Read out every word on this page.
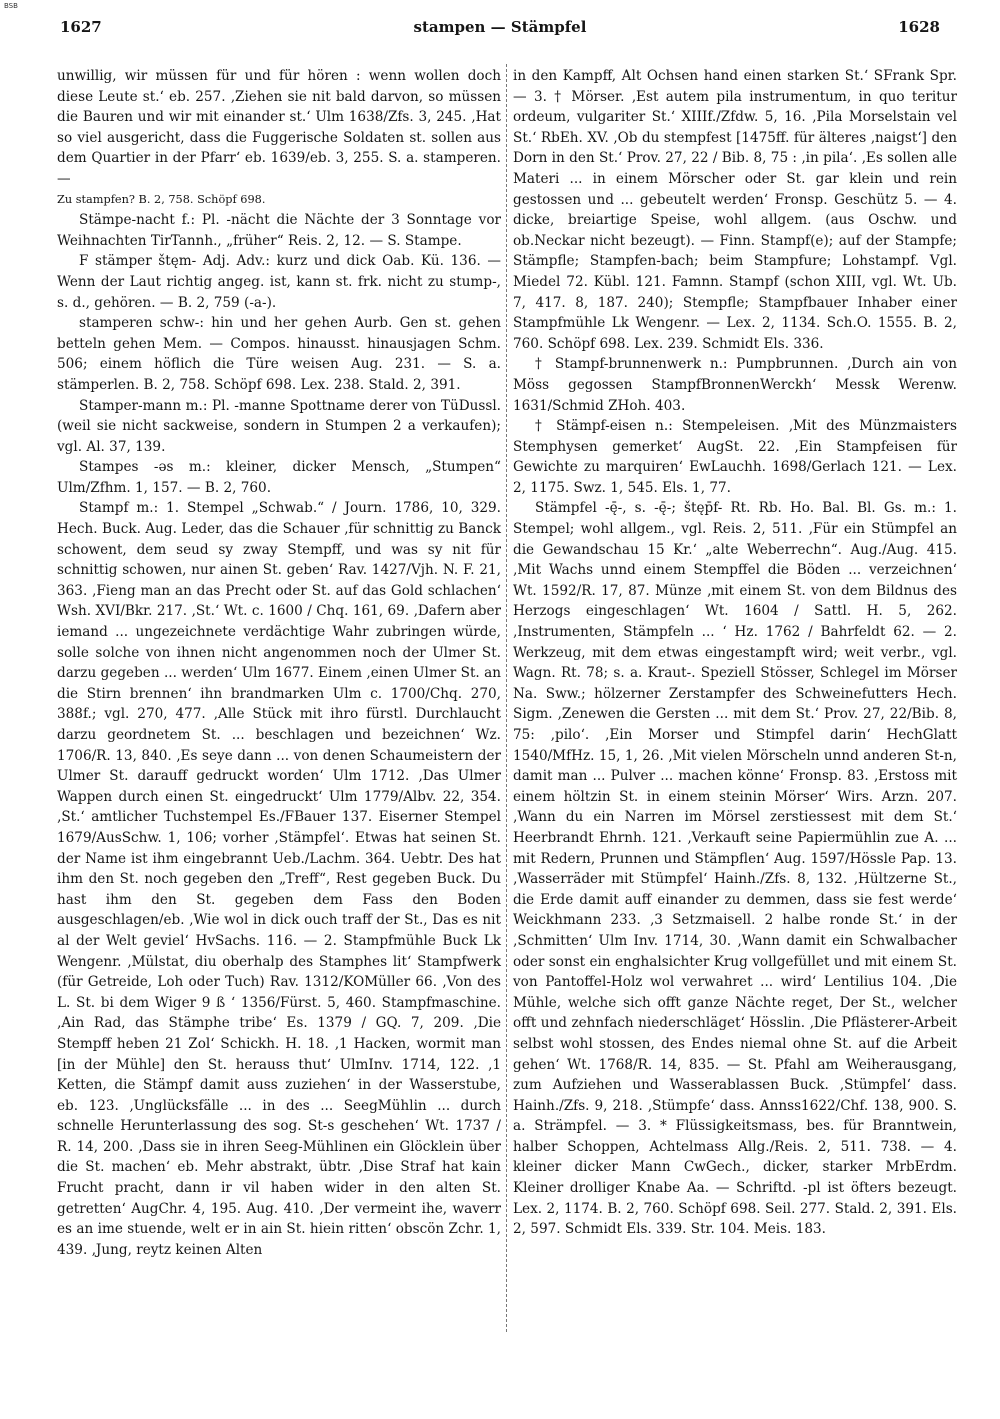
BSB
1627	stampen — Stämpfel	1628

unwillig, wir müssen für und für hören : wenn wollen doch diese Leute st.‘ eb. 257. ‚Ziehen sie nit bald darvon, so müssen die Bauren und wir mit einander st.‘ Ulm 1638/Zfs. 3, 245. ‚Hat so viel ausgericht, dass die Fuggerische Soldaten st. sollen aus dem Quartier in der Pfarr‘ eb. 1639/eb. 3, 255. S. a. stamperen. —

Zu stampfen? B. 2, 758. Schöpf 698.

Stämpe-nacht f.: Pl. -nächt die Nächte der 3 Sonntage vor Weihnachten TirTannh., „früher“ Reis. 2, 12. — S. Stampe.

F stämper štęm- Adj. Adv.: kurz und dick Oab. Kü. 136. — Wenn der Laut richtig angeg. ist, kann st. frk. nicht zu stump-, s. d., gehören. — B. 2, 759 (-a-).

stamperen schw-: hin und her gehen Aurb. Gen st. gehen betteln gehen Mem. — Compos. hinausst. hinausjagen Schm. 506; einem höflich die Türe weisen Aug. 231. — S. a. stämperlen. B. 2, 758. Schöpf 698. Lex. 238. Stald. 2, 391.

Stamper-mann m.: Pl. -manne Spottname derer von TüDussl. (weil sie nicht sackweise, sondern in Stumpen 2 a verkaufen); vgl. Al. 37, 139.

Stampes -əs m.: kleiner, dicker Mensch, „Stumpen“ Ulm/Zfhm. 1, 157. — B. 2, 760.

Stampf m.: 1. Stempel „Schwab.“ / Journ. 1786, 10, 329. Hech. Buck. Aug. Leder, das die Schauer ‚für schnittig zu Banck schowent, dem seud sy zway Stempff, und was sy nit für schnittig schowen, nur ainen St. geben‘ Rav. 1427/Vjh. N. F. 21, 363. ‚Fieng man an das Precht oder St. auf das Gold schlachen‘ Wsh. XVI/Bkr. 217. ‚St.‘ Wt. c. 1600 / Chq. 161, 69. ‚Dafern aber iemand ... ungezeichnete verdächtige Wahr zubringen würde, solle solche von ihnen nicht angenommen noch der Ulmer St. darzu gegeben ... werden‘ Ulm 1677. Einem ‚einen Ulmer St. an die Stirn brennen‘ ihn brandmarken Ulm c. 1700/Chq. 270, 388f.; vgl. 270, 477. ‚Alle Stück mit ihro fürstl. Durchlaucht darzu geordnetem St. ... beschlagen und bezeichnen‘ Wz. 1706/R. 13, 840. ‚Es seye dann ... von denen Schaumeistern der Ulmer St. darauff gedruckt worden‘ Ulm 1712. ‚Das Ulmer Wappen durch einen St. eingedruckt‘ Ulm 1779/Albv. 22, 354. ‚St.‘ amtlicher Tuchstempel Es./FBauer 137. Eiserner Stempel 1679/AusSchw. 1, 106; vorher ‚Stämpfel‘. Etwas hat seinen St. der Name ist ihm eingebrannt Ueb./Lachm. 364. Uebtr. Des hat ihm den St. noch gegeben den „Treff“, Rest gegeben Buck. Du hast ihm den St. gegeben dem Fass den Boden ausgeschlagen/eb. ‚Wie wol in dick ouch traff der St., Das es nit al der Welt geviel‘ HvSachs. 116. — 2. Stampfmühle Buck Lk Wengenr. ‚Mülstat, diu oberhalp des Stamphes lit‘ Stampfwerk (für Getreide, Loh oder Tuch) Rav. 1312/KOMüller 66. ‚Von des L. St. bi dem Wiger 9 ß ‘ 1356/Fürst. 5, 460. Stampfmaschine. ‚Ain Rad, das Stämphe tribe‘ Es. 1379 / GQ. 7, 209. ‚Die Stempff heben 21 Zol‘ Schickh. H. 18. ‚1 Hacken, wormit man [in der Mühle] den St. herauss thut‘ UlmInv. 1714, 122. ‚1 Ketten, die Stämpf damit auss zuziehen‘ in der Wasserstube, eb. 123. ‚Unglücksfälle ... in des ... SeegMühlin ... durch schnelle Herunterlassung des sog. St-s geschehen‘ Wt. 1737 / R. 14, 200. ‚Dass sie in ihren Seeg-Mühlinen ein Glöcklein über die St. machen‘ eb. Mehr abstrakt, übtr. ‚Dise Straf hat kain Frucht pracht, dann ir vil haben wider in den alten St. getretten‘ AugChr. 4, 195. Aug. 410. ‚Der vermeint ihe, waverr es an ime stuende, welt er in ain St. hiein ritten‘ obscön Zchr. 1, 439. ‚Jung, reytz keinen Alten

in den Kampff, Alt Ochsen hand einen starken St.‘ SFrank Spr. — 3. † Mörser. ‚Est autem pila instrumentum, in quo teritur ordeum, vulgariter St.‘ XIIIf./Zfdw. 5, 16. ‚Pila Morselstain vel St.‘ RbEh. XV. ‚Ob du stempfest [1475ff. für älteres ‚naigst‘] den Dorn in den St.‘ Prov. 27, 22 / Bib. 8, 75 : ‚in pila‘. ‚Es sollen alle Materi ... in einem Mörscher oder St. gar klein und rein gestossen und ... gebeutelt werden‘ Fronsp. Geschütz 5. — 4. dicke, breiartige Speise, wohl allgem. (aus Oschw. und ob.Neckar nicht bezeugt). — Finn. Stampf(e); auf der Stampfe; Stämpfle; Stampfen-bach; beim Stampfure; Lohstampf. Vgl. Miedel 72. Kübl. 121. Famnn. Stampf (schon XIII, vgl. Wt. Ub. 7, 417. 8, 187. 240); Stempfle; Stampfbauer Inhaber einer Stampfmühle Lk Wengenr. — Lex. 2, 1134. Sch.O. 1555. B. 2, 760. Schöpf 698. Lex. 239. Schmidt Els. 336.

† Stampf-brunnenwerk n.: Pumpbrunnen. ‚Durch ain von Möss gegossen StampfBronnenWerckh‘ Messk Werenw. 1631/Schmid ZHoh. 403.

† Stämpf-eisen n.: Stempeleisen. ‚Mit des Münzmaisters Stemphysen gemerket‘ AugSt. 22. ‚Ein Stampfeisen für Gewichte zu marquiren‘ EwLauchh. 1698/Gerlach 121. — Lex. 2, 1175. Swz. 1, 545. Els. 1, 77.

Stämpfel -ę̄-, s. -ę̄-; štęp̄f- Rt. Rb. Ho. Bal. Bl. Gs. m.: 1. Stempel; wohl allgem., vgl. Reis. 2, 511. ‚Für ein Stümpfel an die Gewandschau 15 Kr.‘ „alte Weberrechn“. Aug./Aug. 415. ‚Mit Wachs unnd einem Stempffel die Böden ... verzeichnen‘ Wt. 1592/R. 17, 87. Münze ‚mit einem St. von dem Bildnus des Herzogs eingeschlagen‘ Wt. 1604 / Sattl. H. 5, 262. ‚Instrumenten, Stämpfeln ... ‘ Hz. 1762 / Bahrfeldt 62. — 2. Werkzeug, mit dem etwas eingestampft wird; weit verbr., vgl. Wagn. Rt. 78; s. a. Kraut-. Speziell Stösser, Schlegel im Mörser Na. Sww.; hölzerner Zerstampfer des Schweinefutters Hech. Sigm. ‚Zenewen die Gersten ... mit dem St.‘ Prov. 27, 22/Bib. 8, 75: ‚pilo‘. ‚Ein Morser und Stimpfel darin‘ HechGlatt 1540/MfHz. 15, 1, 26. ‚Mit vielen Mörscheln unnd anderen St-n, damit man ... Pulver ... machen könne‘ Fronsp. 83. ‚Erstoss mit einem höltzin St. in einem steinin Mörser‘ Wirs. Arzn. 207. ‚Wann du ein Narren im Mörsel zerstiessest mit dem St.‘ Heerbrandt Ehrnh. 121. ‚Verkauft seine Papiermühlin zue A. ... mit Redern, Prunnen und Stämpflen‘ Aug. 1597/Hössle Pap. 13. ‚Wasserräder mit Stümpfel‘ Hainh./Zfs. 8, 132. ‚Hültzerne St., die Erde damit auff einander zu demmen, dass sie fest werde‘ Weickhmann 233. ‚3 Setzmaisell. 2 halbe ronde St.‘ in der ‚Schmitten‘ Ulm Inv. 1714, 30. ‚Wann damit ein Schwalbacher oder sonst ein enghalsichter Krug vollgefüllet und mit einem St. von Pantoffel-Holz wol verwahret ... wird‘ Lentilius 104. ‚Die Mühle, welche sich offt ganze Nächte reget, Der St., welcher offt und zehnfach niederschläget‘ Hösslin. ‚Die Pflästerer-Arbeit selbst wohl stossen, des Endes niemal ohne St. auf die Arbeit gehen‘ Wt. 1768/R. 14, 835. — St. Pfahl am Weiherausgang, zum Aufziehen und Wasserablassen Buck. ‚Stümpfel‘ dass. Hainh./Zfs. 9, 218. ‚Stümpfe‘ dass. Annss1622/Chf. 138, 900. S. a. Strämpfel. — 3. * Flüssigkeitsmass, bes. für Branntwein, halber Schoppen, Achtelmass Allg./Reis. 2, 511. 738. — 4. kleiner dicker Mann CwGech., dicker, starker MrbErdm. Kleiner drolliger Knabe Aa. — Schriftd. -pl ist öfters bezeugt. Lex. 2, 1174. B. 2, 760. Schöpf 698. Seil. 277. Stald. 2, 391. Els. 2, 597. Schmidt Els. 339. Str. 104. Meis. 183.
